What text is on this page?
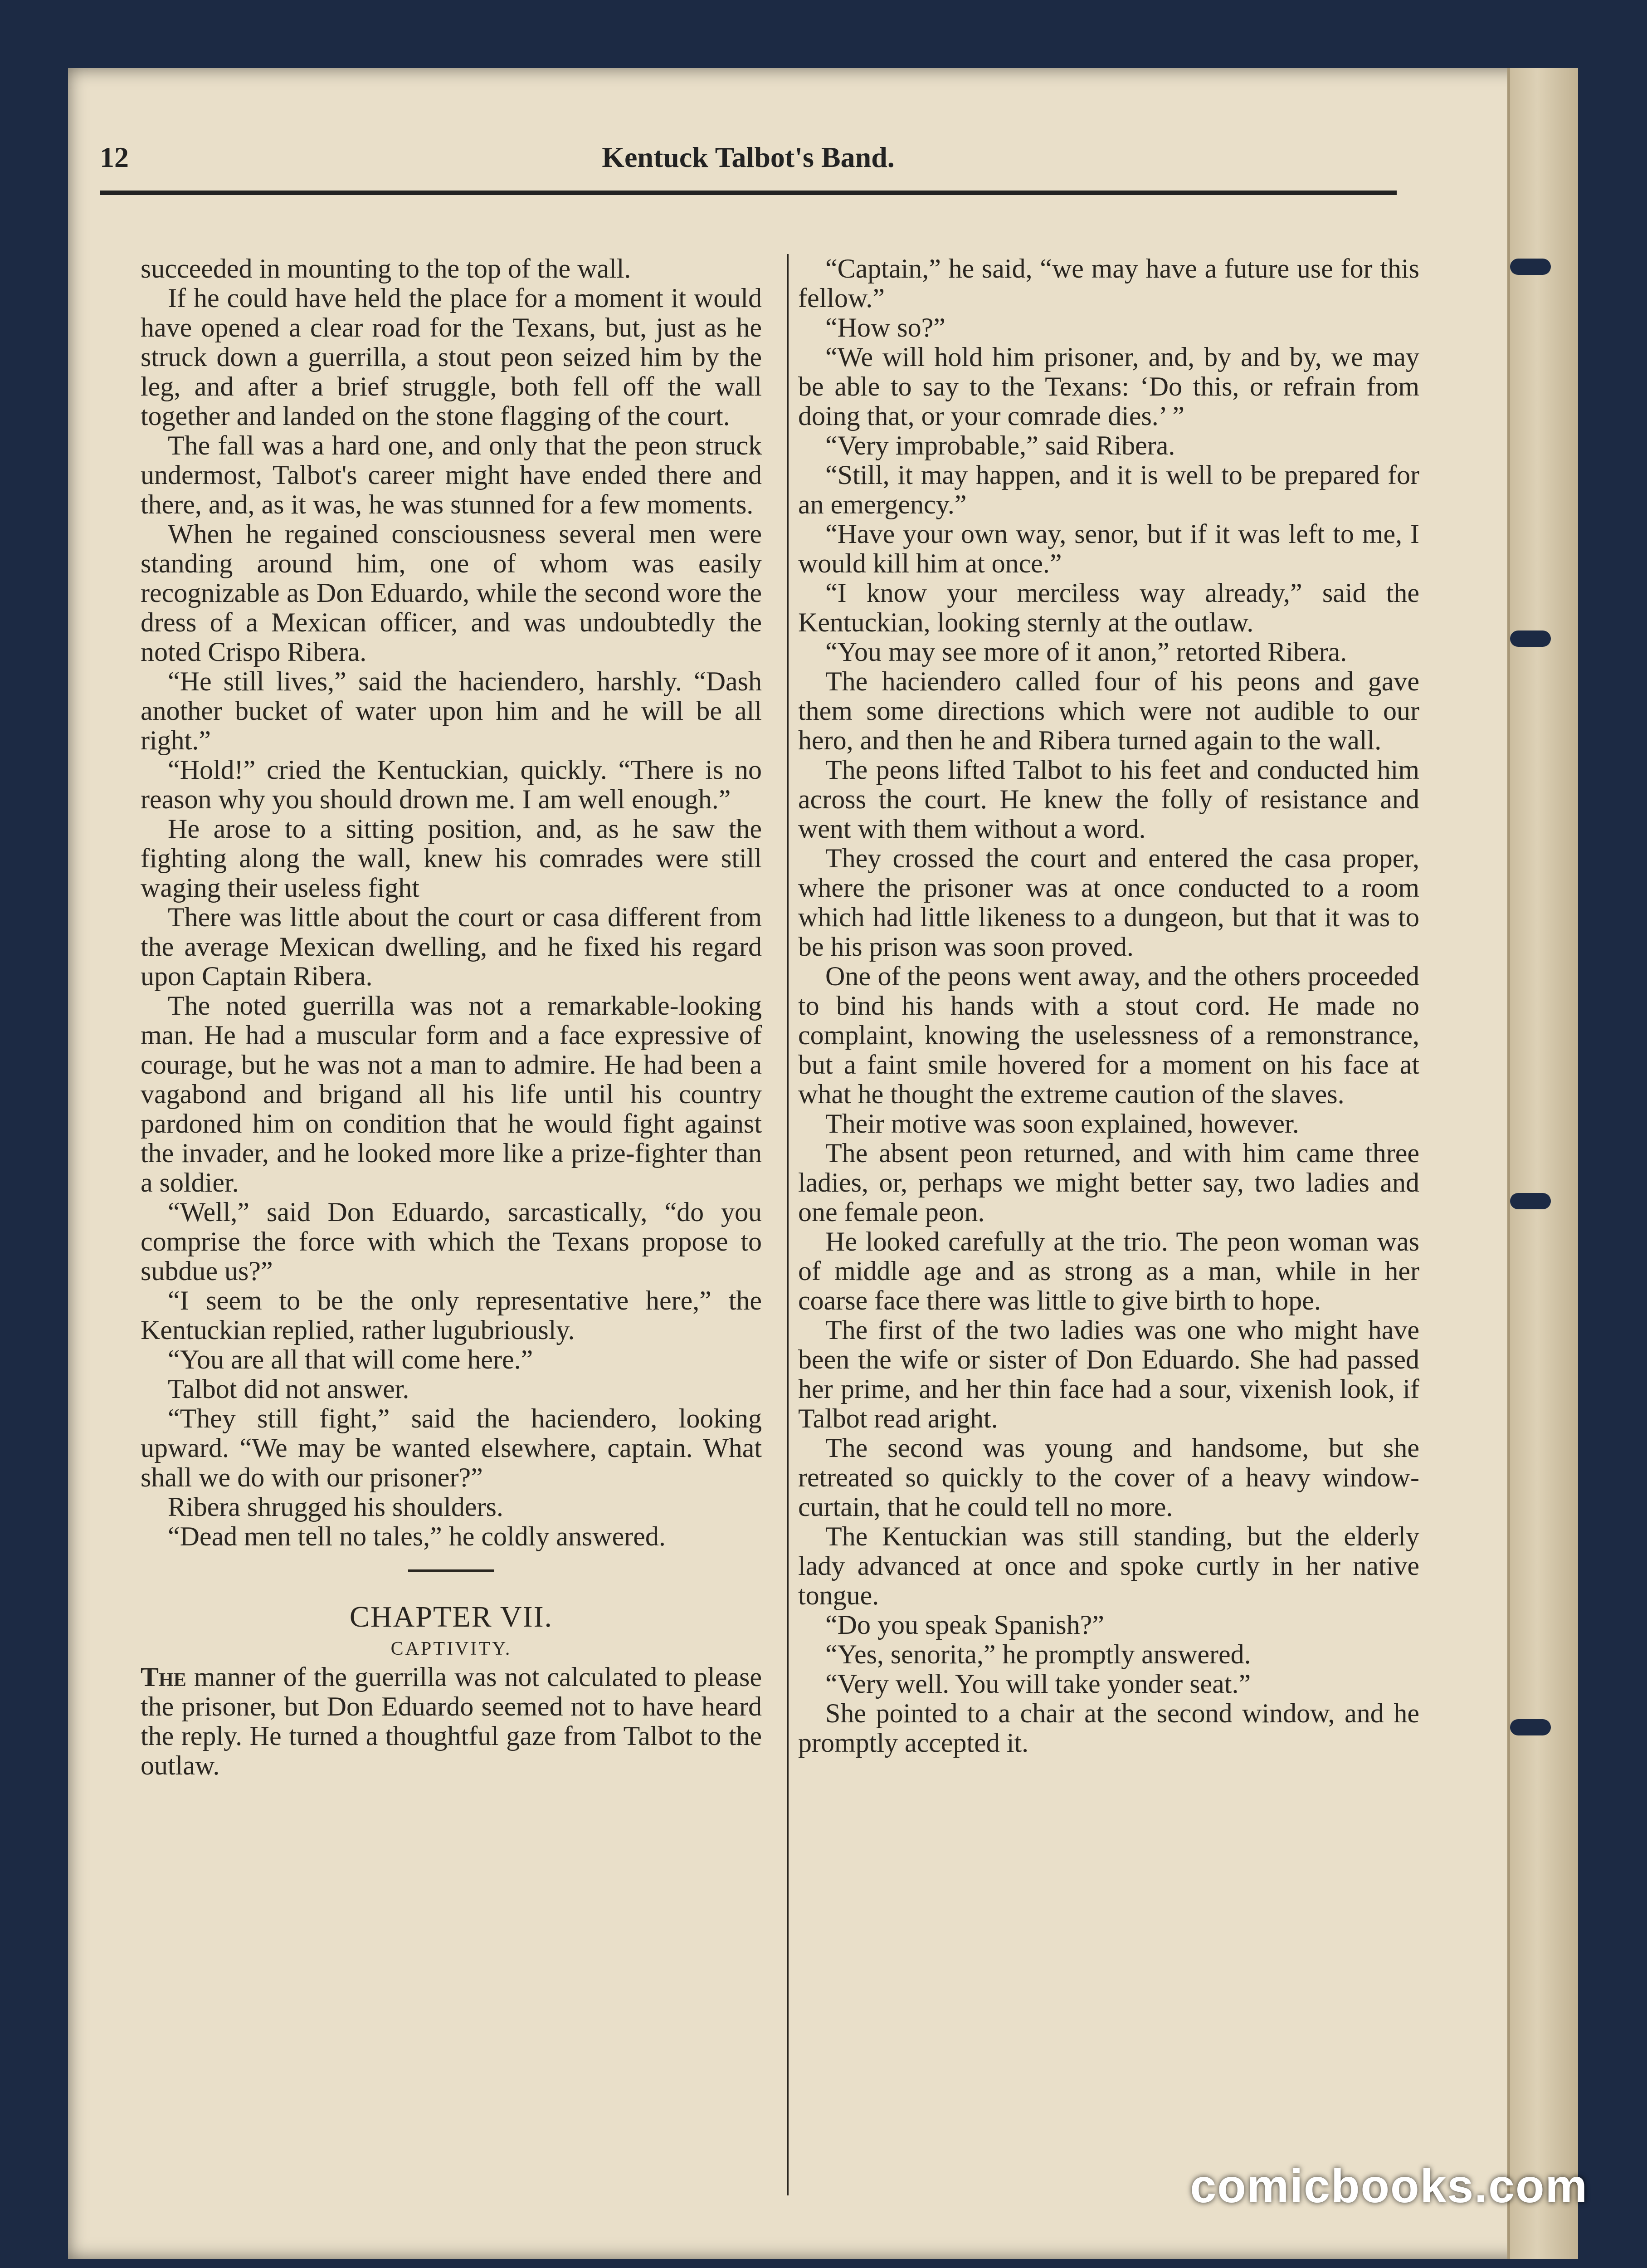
12	Kentuck Talbot's Band.

succeeded in mounting to the top of the wall.

If he could have held the place for a moment it would have opened a clear road for the Texans, but, just as he struck down a guerrilla, a stout peon seized him by the leg, and after a brief struggle, both fell off the wall together and landed on the stone flagging of the court.

The fall was a hard one, and only that the peon struck undermost, Talbot's career might have ended there and there, and, as it was, he was stunned for a few moments.

When he regained consciousness several men were standing around him, one of whom was easily recognizable as Don Eduardo, while the second wore the dress of a Mexican officer, and was undoubtedly the noted Crispo Ribera.

“He still lives,” said the haciendero, harshly. “Dash another bucket of water upon him and he will be all right.”

“Hold!” cried the Kentuckian, quickly. “There is no reason why you should drown me. I am well enough.”

He arose to a sitting position, and, as he saw the fighting along the wall, knew his comrades were still waging their useless fight

There was little about the court or casa different from the average Mexican dwelling, and he fixed his regard upon Captain Ribera.

The noted guerrilla was not a remarkable-looking man. He had a muscular form and a face expressive of courage, but he was not a man to admire. He had been a vagabond and brigand all his life until his country pardoned him on condition that he would fight against the invader, and he looked more like a prize-fighter than a soldier.

“Well,” said Don Eduardo, sarcastically, “do you comprise the force with which the Texans propose to subdue us?”

“I seem to be the only representative here,” the Kentuckian replied, rather lugubriously.

“You are all that will come here.”

Talbot did not answer.

“They still fight,” said the haciendero, looking upward. “We may be wanted elsewhere, captain. What shall we do with our prisoner?”

Ribera shrugged his shoulders.

“Dead men tell no tales,” he coldly answered.

CHAPTER VII.
CAPTIVITY.

The manner of the guerrilla was not calculated to please the prisoner, but Don Eduardo seemed not to have heard the reply. He turned a thoughtful gaze from Talbot to the outlaw.

“Captain,” he said, “we may have a future use for this fellow.”

“How so?”

“We will hold him prisoner, and, by and by, we may be able to say to the Texans: ‘Do this, or refrain from doing that, or your comrade dies.’ ”

“Very improbable,” said Ribera.

“Still, it may happen, and it is well to be prepared for an emergency.”

“Have your own way, senor, but if it was left to me, I would kill him at once.”

“I know your merciless way already,” said the Kentuckian, looking sternly at the outlaw.

“You may see more of it anon,” retorted Ribera.

The haciendero called four of his peons and gave them some directions which were not audible to our hero, and then he and Ribera turned again to the wall.

The peons lifted Talbot to his feet and conducted him across the court. He knew the folly of resistance and went with them without a word.

They crossed the court and entered the casa proper, where the prisoner was at once conducted to a room which had little likeness to a dungeon, but that it was to be his prison was soon proved.

One of the peons went away, and the others proceeded to bind his hands with a stout cord. He made no complaint, knowing the uselessness of a remonstrance, but a faint smile hovered for a moment on his face at what he thought the extreme caution of the slaves.

Their motive was soon explained, however.

The absent peon returned, and with him came three ladies, or, perhaps we might better say, two ladies and one female peon.

He looked carefully at the trio. The peon woman was of middle age and as strong as a man, while in her coarse face there was little to give birth to hope.

The first of the two ladies was one who might have been the wife or sister of Don Eduardo. She had passed her prime, and her thin face had a sour, vixenish look, if Talbot read aright.

The second was young and handsome, but she retreated so quickly to the cover of a heavy window-curtain, that he could tell no more.

The Kentuckian was still standing, but the elderly lady advanced at once and spoke curtly in her native tongue.

“Do you speak Spanish?”

“Yes, senorita,” he promptly answered.

“Very well. You will take yonder seat.”

She pointed to a chair at the second window, and he promptly accepted it.

comicbooks.com
